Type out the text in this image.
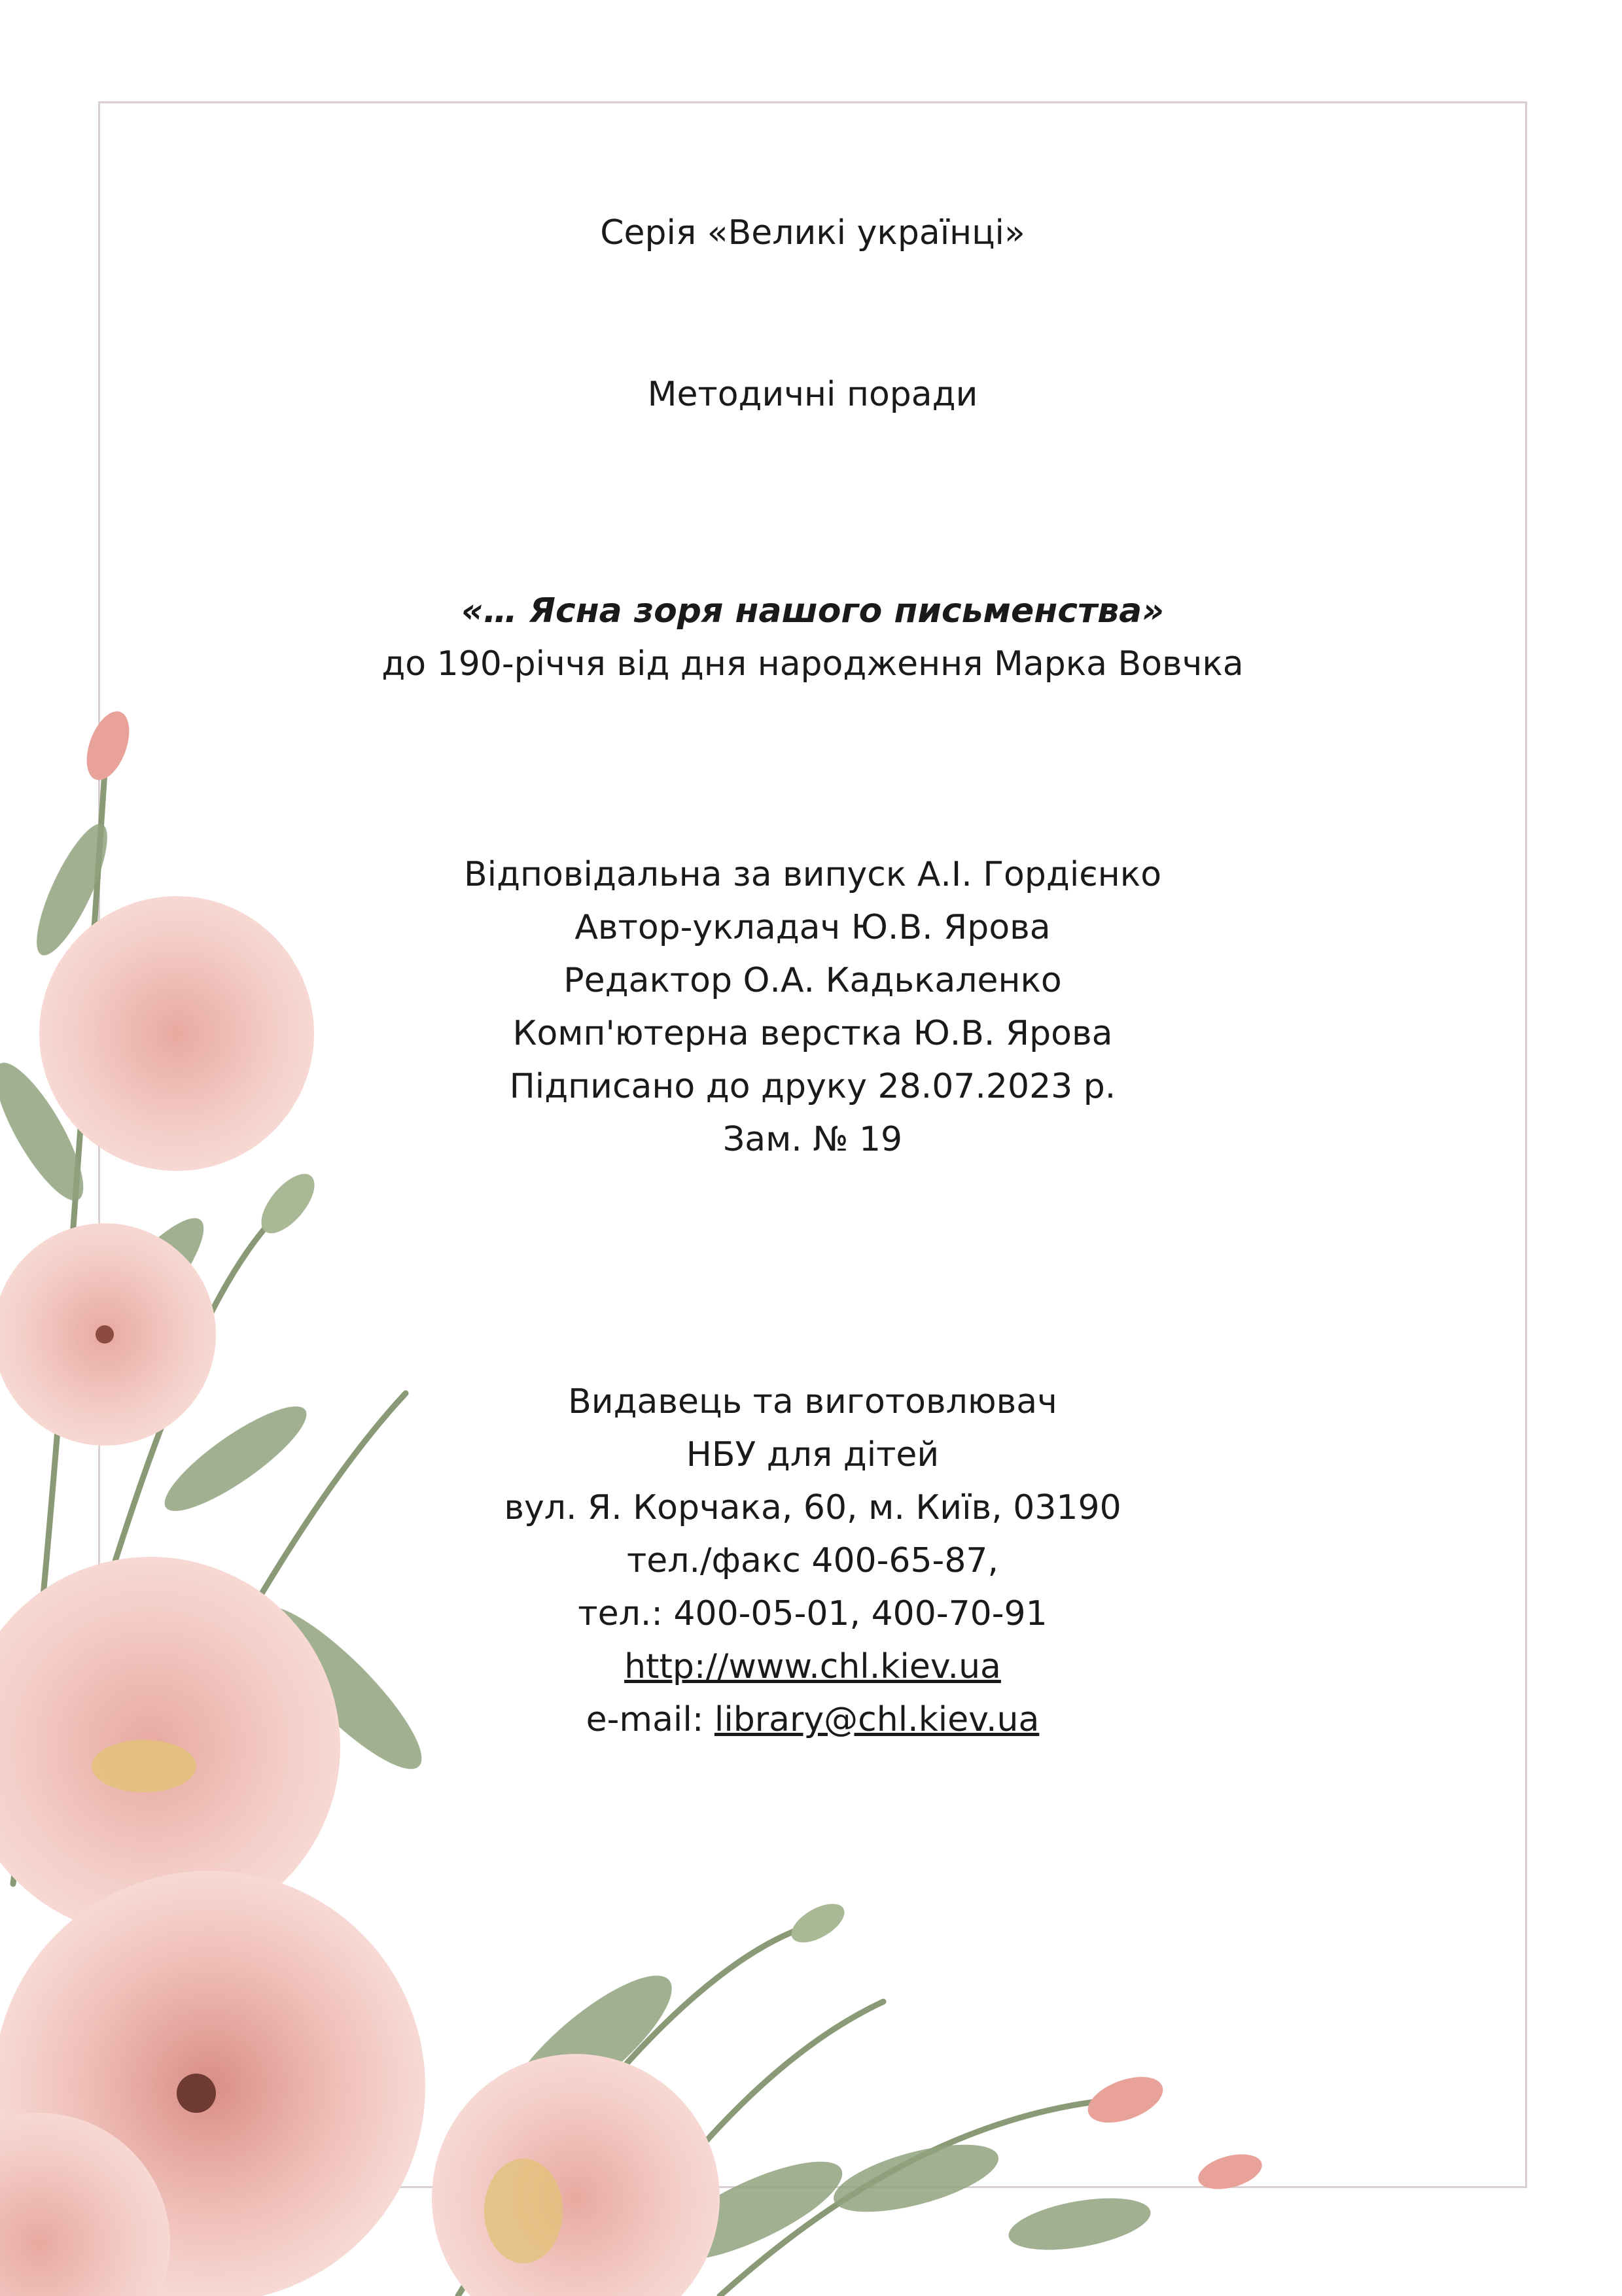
Серія «Великі українці»
Методичні поради
«… Ясна зоря нашого письменства»
до 190-річчя від дня народження Марка Вовчка
Відповідальна за випуск А.І. Гордієнко
Автор-укладач Ю.В. Ярова
Редактор О.А. Кадькаленко
Комп'ютерна верстка Ю.В. Ярова
Підписано до друку 28.07.2023 р.
Зам. № 19
Видавець та виготовлювач
НБУ для дітей
вул. Я. Корчака, 60, м. Київ, 03190
тел./факс 400-65-87,
тел.: 400-05-01, 400-70-91
http://www.chl.kiev.ua
e-mail: library@chl.kiev.ua
